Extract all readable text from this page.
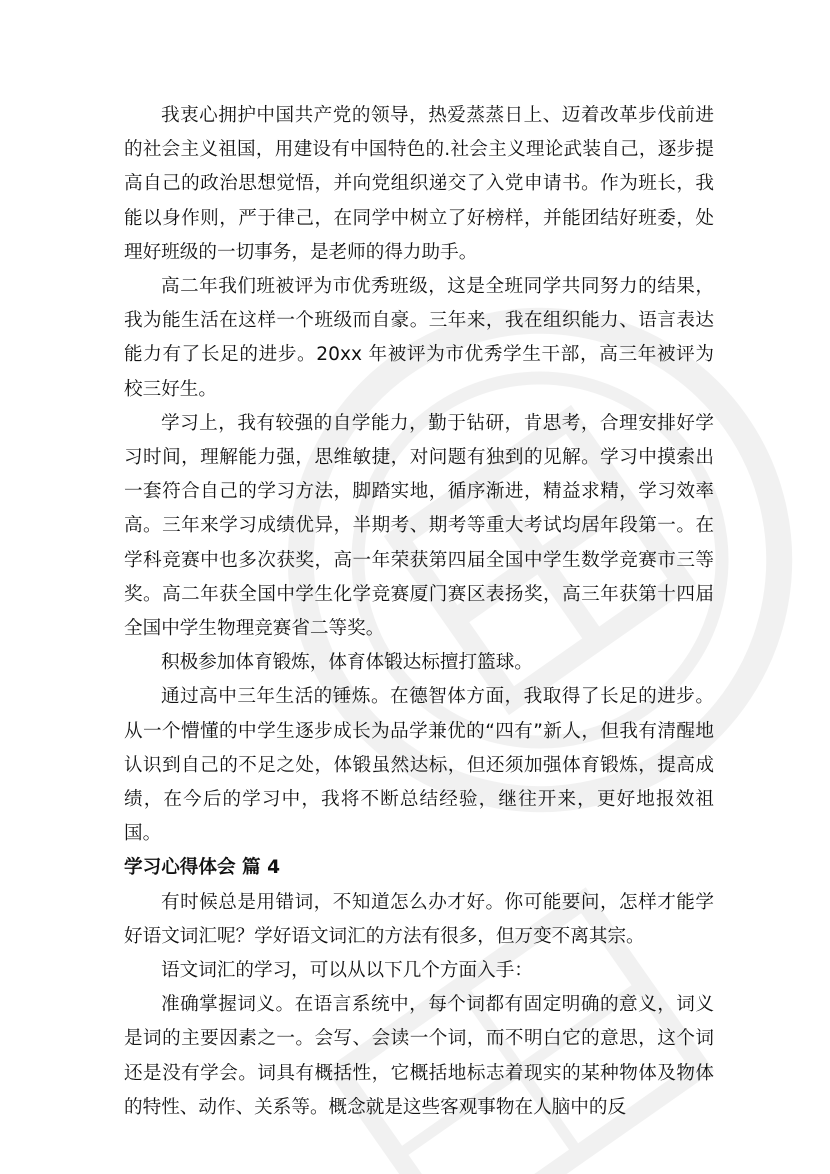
我衷心拥护中国共产党的领导，热爱蒸蒸日上、迈着改革步伐前进的社会主义祖国，用建设有中国特色的.社会主义理论武装自己，逐步提高自己的政治思想觉悟，并向党组织递交了入党申请书。作为班长，我能以身作则，严于律己，在同学中树立了好榜样，并能团结好班委，处理好班级的一切事务，是老师的得力助手。

高二年我们班被评为市优秀班级，这是全班同学共同努力的结果，我为能生活在这样一个班级而自豪。三年来，我在组织能力、语言表达能力有了长足的进步。20xx 年被评为市优秀学生干部，高三年被评为校三好生。

学习上，我有较强的自学能力，勤于钻研，肯思考，合理安排好学习时间，理解能力强，思维敏捷，对问题有独到的见解。学习中摸索出一套符合自己的学习方法，脚踏实地，循序渐进，精益求精，学习效率高。三年来学习成绩优异，半期考、期考等重大考试均居年段第一。在学科竞赛中也多次获奖，高一年荣获第四届全国中学生数学竞赛市三等奖。高二年获全国中学生化学竞赛厦门赛区表扬奖，高三年获第十四届全国中学生物理竞赛省二等奖。

积极参加体育锻炼，体育体锻达标擅打篮球。

通过高中三年生活的锤炼。在德智体方面，我取得了长足的进步。从一个懵懂的中学生逐步成长为品学兼优的“四有”新人，但我有清醒地认识到自己的不足之处，体锻虽然达标，但还须加强体育锻炼，提高成绩，在今后的学习中，我将不断总结经验，继往开来，更好地报效祖国。

学习心得体会 篇 4

有时候总是用错词，不知道怎么办才好。你可能要问，怎样才能学好语文词汇呢？学好语文词汇的方法有很多，但万变不离其宗。

语文词汇的学习，可以从以下几个方面入手：

准确掌握词义。在语言系统中，每个词都有固定明确的意义，词义是词的主要因素之一。会写、会读一个词，而不明白它的意思，这个词还是没有学会。词具有概括性，它概括地标志着现实的某种物体及物体的特性、动作、关系等。概念就是这些客观事物在人脑中的反
